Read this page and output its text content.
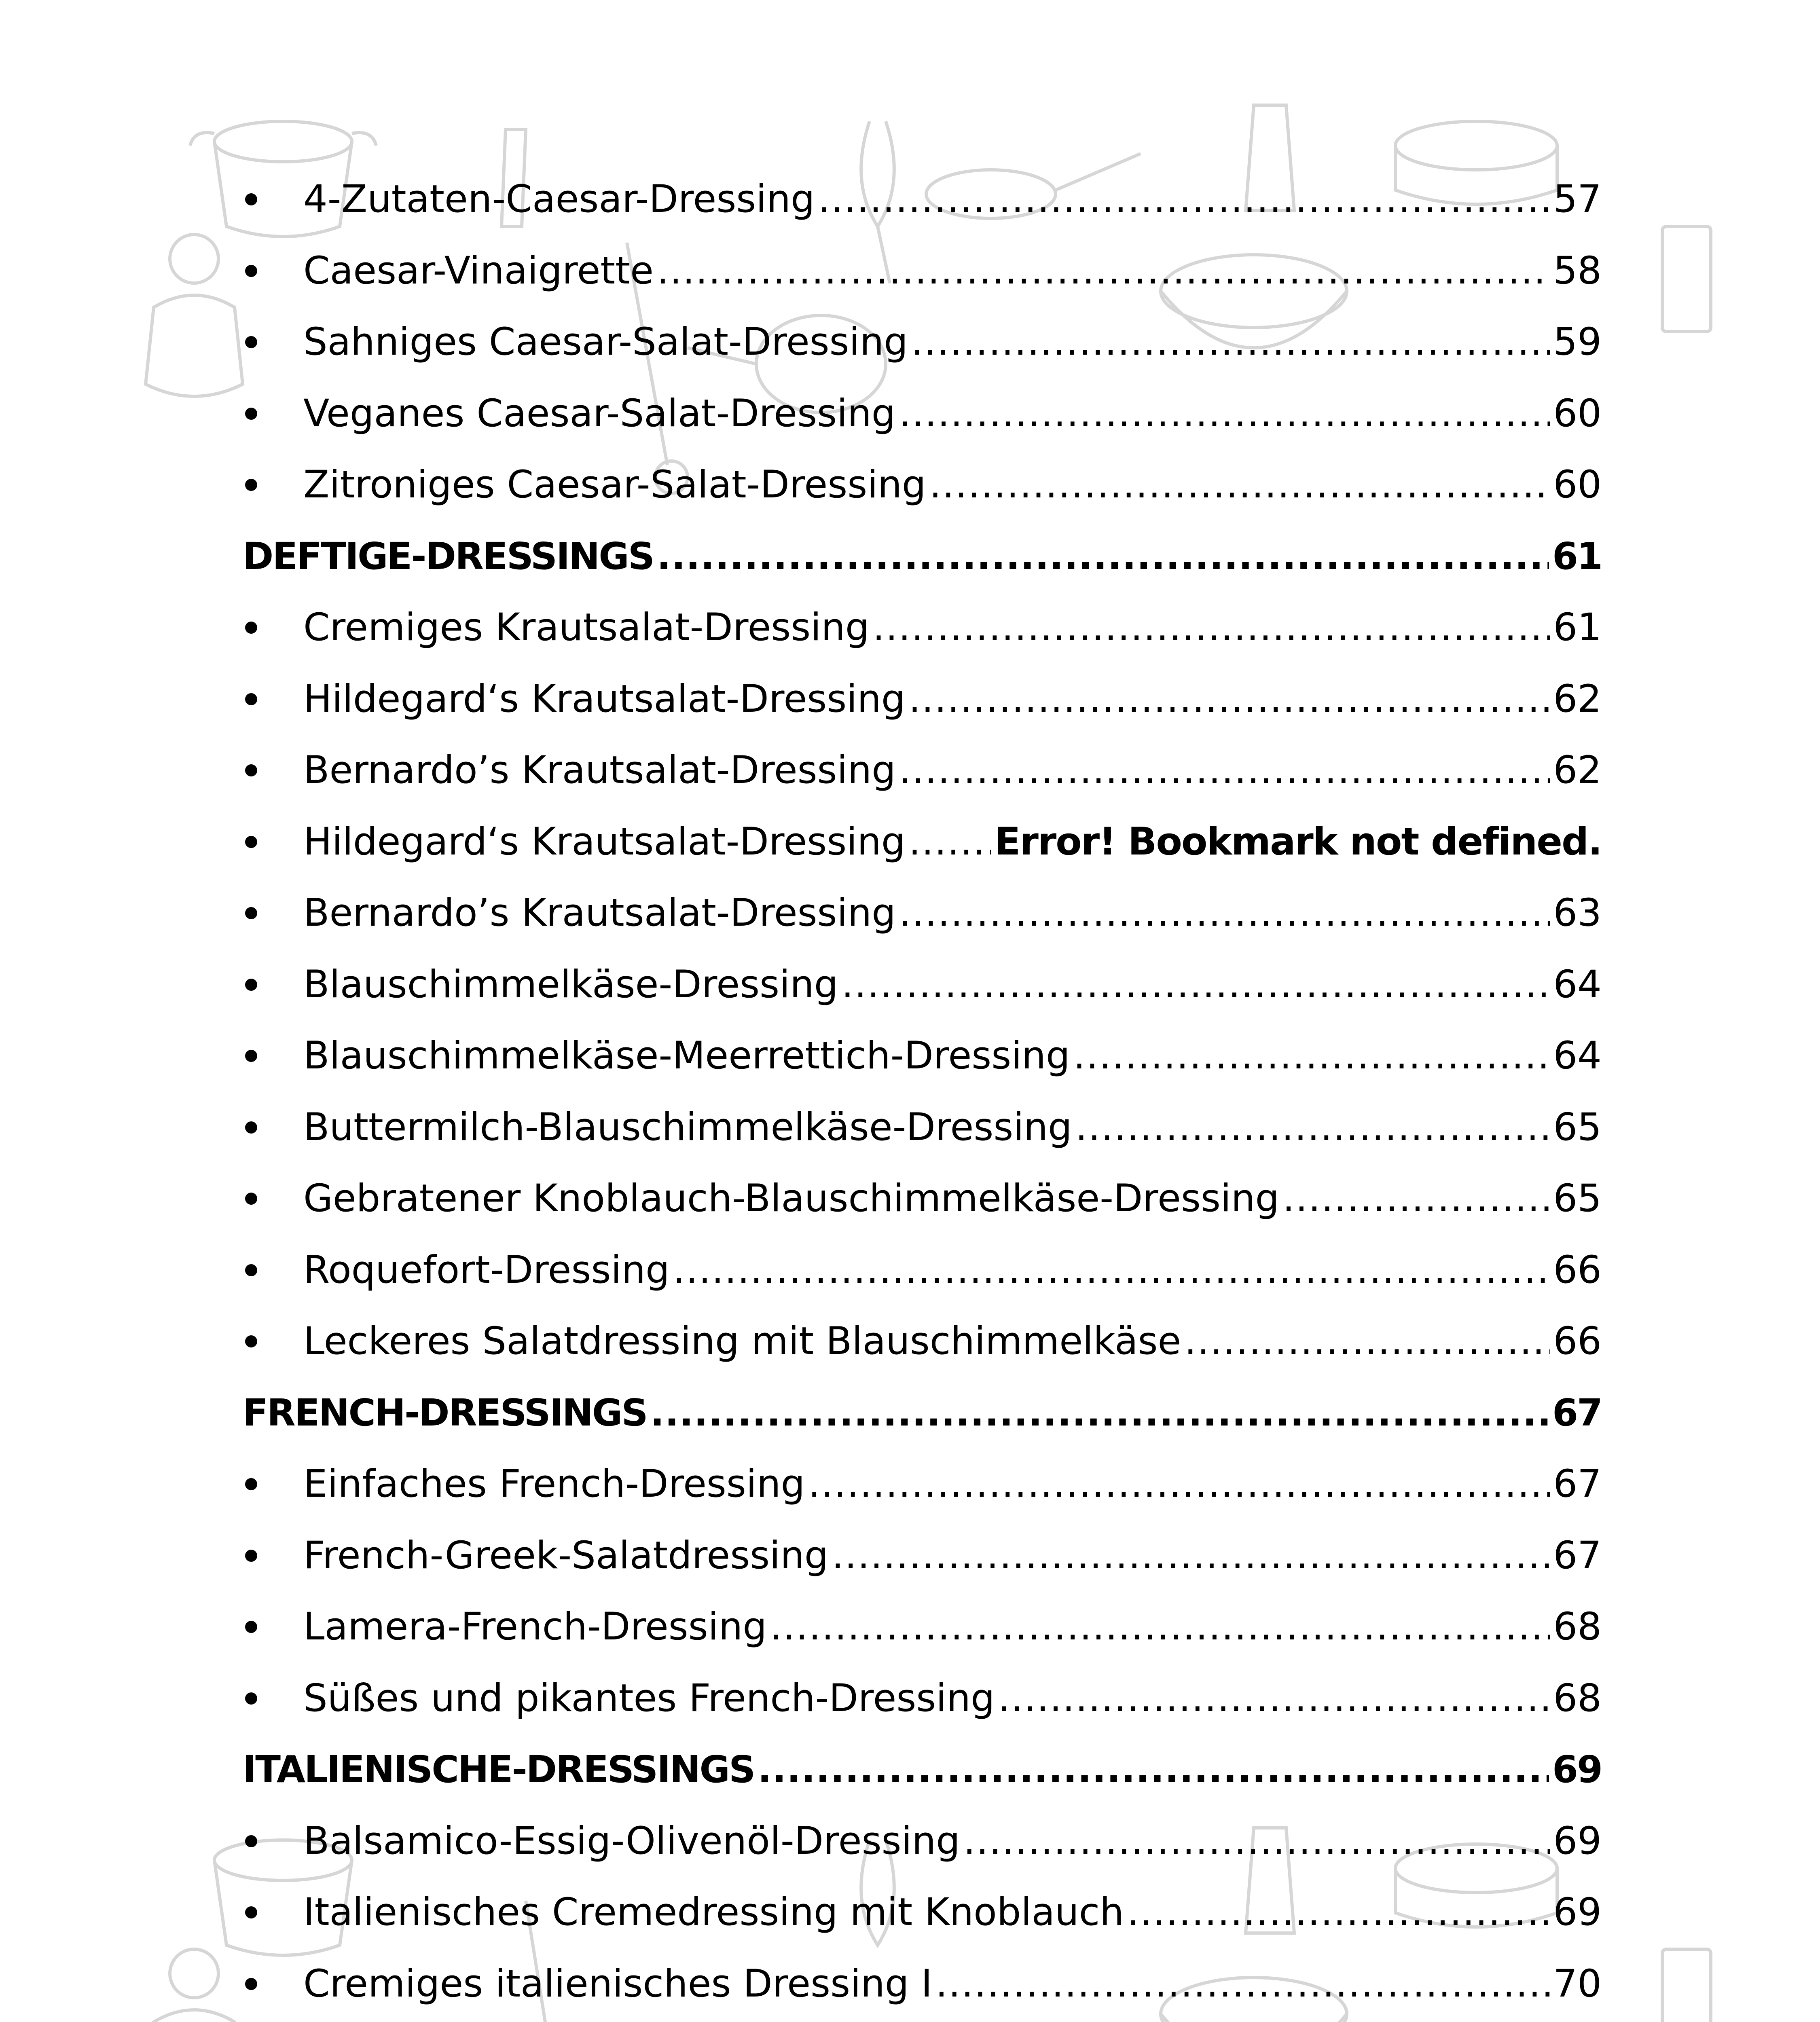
4-Zutaten-Caesar-Dressing .....	57
Caesar-Vinaigrette .....	58
Sahniges Caesar-Salat-Dressing .....	59
Veganes Caesar-Salat-Dressing .....	60
Zitroniges Caesar-Salat-Dressing .....	60
DEFTIGE-DRESSINGS .....	61
Cremiges Krautsalat-Dressing .....	61
Hildegard‘s Krautsalat-Dressing .....	62
Bernardo’s Krautsalat-Dressing .....	62
Hildegard‘s Krautsalat-Dressing ..... Error! Bookmark not defined.
Bernardo’s Krautsalat-Dressing .....	63
Blauschimmelkäse-Dressing .....	64
Blauschimmelkäse-Meerrettich-Dressing .....	64
Buttermilch-Blauschimmelkäse-Dressing .....	65
Gebratener Knoblauch-Blauschimmelkäse-Dressing .....	65
Roquefort-Dressing .....	66
Leckeres Salatdressing mit Blauschimmelkäse .....	66
FRENCH-DRESSINGS .....	67
Einfaches French-Dressing .....	67
French-Greek-Salatdressing .....	67
Lamera-French-Dressing .....	68
Süßes und pikantes French-Dressing .....	68
ITALIENISCHE-DRESSINGS .....	69
Balsamico-Essig-Olivenöl-Dressing .....	69
Italienisches Cremedressing mit Knoblauch .....	69
Cremiges italienisches Dressing I .....	70
